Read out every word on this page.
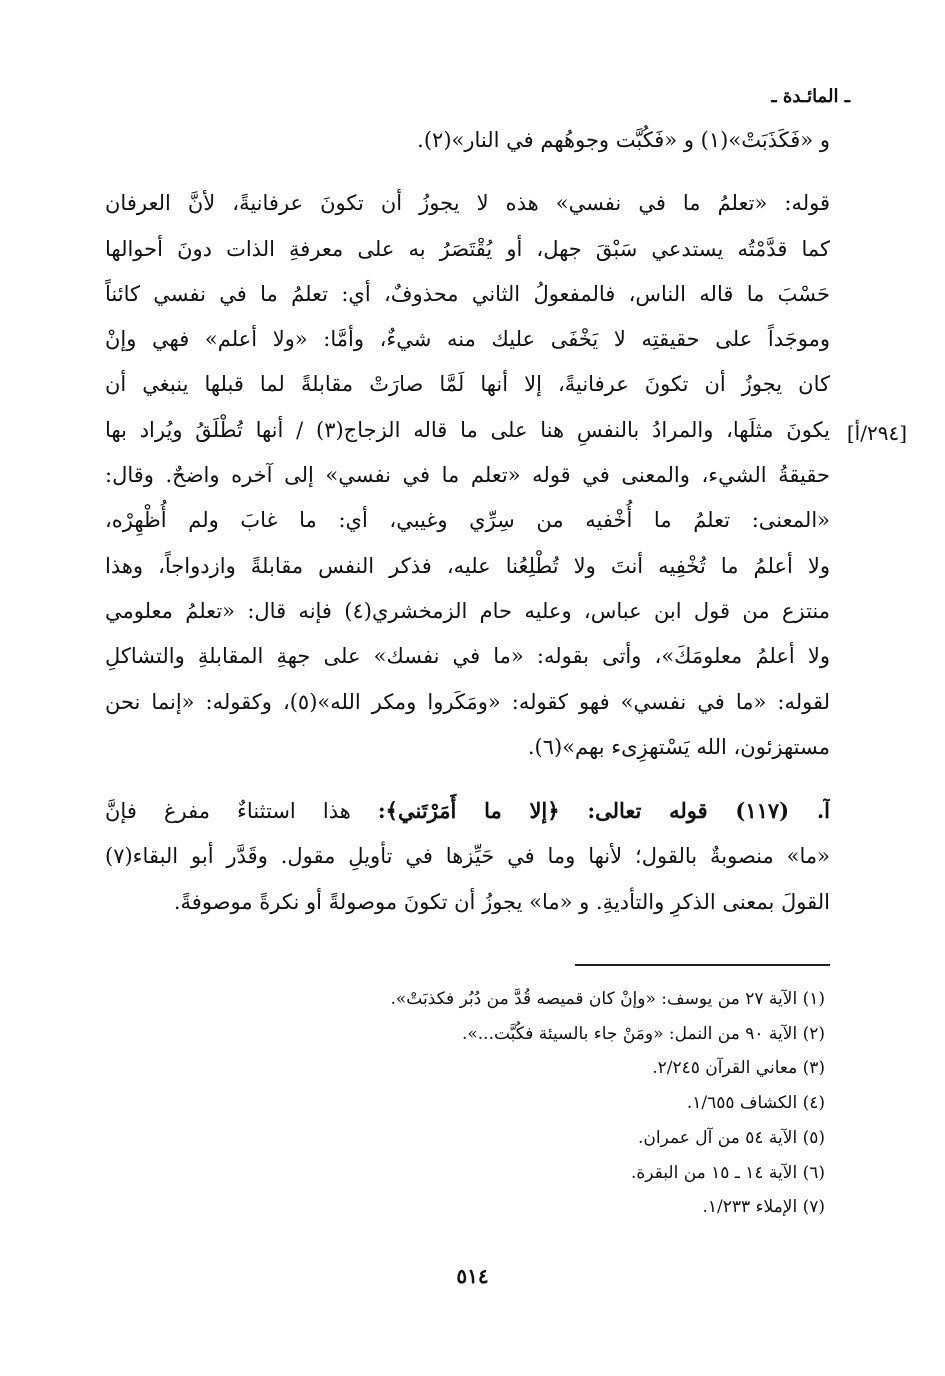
ـ المائـدة ـ
[٢٩٤/أ]

و «فَكَذَبَتْ»(١) و «فَكُبَّت وجوهُهم في النار»(٢).

قوله: «تعلمُ ما في نفسي» هذه لا يجوزُ أن تكونَ عرفانيةً، لأنَّ العرفان
كما قدَّمْتُه يستدعي سَبْقَ جهل، أو يُقْتَصَرُ به على معرفةِ الذات دونَ أحوالها
حَسْبَ ما قاله الناس، فالمفعولُ الثاني محذوفٌ، أي: تعلمُ ما في نفسي كائناً
وموجَداً على حقيقتِه لا يَخْفَى عليك منه شيءٌ، وأمَّا: «ولا أعلم» فهي وإنْ
كان يجوزُ أن تكونَ عرفانيةً، إلا أنها لَمَّا صارَتْ مقابلةً لما قبلها ينبغي أن
يكونَ مثلَها، والمرادُ بالنفسِ هنا على ما قاله الزجاج(٣) / أنها تُطْلَقُ ويُراد بها
حقيقةُ الشيء، والمعنى في قوله «تعلم ما في نفسي» إلى آخره واضحٌ. وقال:
«المعنى: تعلمُ ما أُخْفيه من سِرِّي وغيبي، أي: ما غابَ ولم أُظْهِرْه،
ولا أعلمُ ما تُخْفِيه أنتَ ولا تُطْلِعُنا عليه، فذكر النفس مقابلةً وازدواجاً، وهذا
منتزع من قول ابن عباس، وعليه حام الزمخشري(٤) فإنه قال: «تعلمُ معلومي
ولا أعلمُ معلومَكَ»، وأتى بقوله: «ما في نفسك» على جهةِ المقابلةِ والتشاكلِ
لقوله: «ما في نفسي» فهو كقوله: «ومَكَروا ومكر الله»(٥)، وكقوله: «إنما نحن
مستهزئون، الله يَسْتهزِىء بهم»(٦).

آ. (١١٧) قوله تعالى: ﴿إلا ما أَمَرْتَني﴾: هذا استثناءٌ مفرغ فإنَّ
«ما» منصوبةٌ بالقول؛ لأنها وما في حَيِّزها في تأويلِ مقول. وقَدَّر أبو البقاء(٧)
القولَ بمعنى الذكرِ والتأديةِ. و «ما» يجوزُ أن تكونَ موصولةً أو نكرةً موصوفةً.

(١) الآية ٢٧ من يوسف: «وإنْ كان قميصه قُدَّ من دُبُر فكذبَتْ».
(٢) الآية ٩٠ من النمل: «ومَنْ جاء بالسيئة فكُبَّت...».
(٣) معاني القرآن ٢/٢٤٥.
(٤) الكشاف ١/٦٥٥.
(٥) الآية ٥٤ من آل عمران.
(٦) الآية ١٤ ـ ١٥ من البقرة.
(٧) الإملاء ١/٢٣٣.
٥١٤
